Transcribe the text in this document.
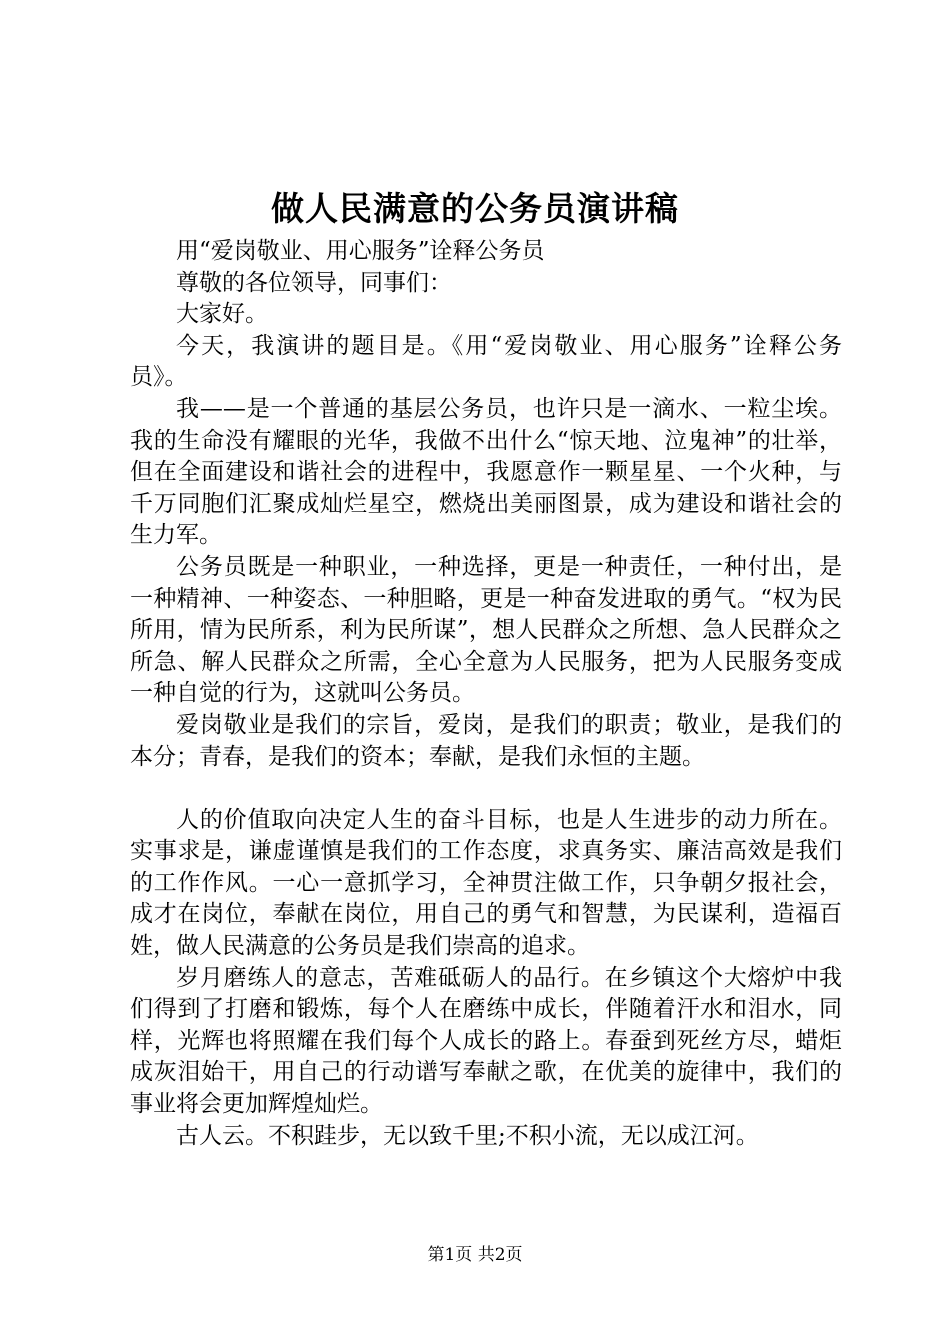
做人民满意的公务员演讲稿

用“爱岗敬业、用心服务”诠释公务员

尊敬的各位领导，同事们：

大家好。

今天，我演讲的题目是。《用“爱岗敬业、用心服务”诠释公务员》。

我——是一个普通的基层公务员，也许只是一滴水、一粒尘埃。我的生命没有耀眼的光华，我做不出什么“惊天地、泣鬼神”的壮举，但在全面建设和谐社会的进程中，我愿意作一颗星星、一个火种，与千万同胞们汇聚成灿烂星空，燃烧出美丽图景，成为建设和谐社会的生力军。

公务员既是一种职业，一种选择，更是一种责任，一种付出，是一种精神、一种姿态、一种胆略，更是一种奋发进取的勇气。“权为民所用，情为民所系，利为民所谋”，想人民群众之所想、急人民群众之所急、解人民群众之所需，全心全意为人民服务，把为人民服务变成一种自觉的行为，这就叫公务员。

爱岗敬业是我们的宗旨，爱岗，是我们的职责；敬业，是我们的本分；青春，是我们的资本；奉献，是我们永恒的主题。

人的价值取向决定人生的奋斗目标，也是人生进步的动力所在。实事求是，谦虚谨慎是我们的工作态度，求真务实、廉洁高效是我们的工作作风。一心一意抓学习，全神贯注做工作，只争朝夕报社会，成才在岗位，奉献在岗位，用自己的勇气和智慧，为民谋利，造福百姓，做人民满意的公务员是我们崇高的追求。

岁月磨练人的意志，苦难砥砺人的品行。在乡镇这个大熔炉中我们得到了打磨和锻炼，每个人在磨练中成长，伴随着汗水和泪水，同样，光辉也将照耀在我们每个人成长的路上。春蚕到死丝方尽，蜡炬成灰泪始干，用自己的行动谱写奉献之歌，在优美的旋律中，我们的事业将会更加辉煌灿烂。

古人云。不积跬步，无以致千里;不积小流，无以成江河。

第1页 共2页
